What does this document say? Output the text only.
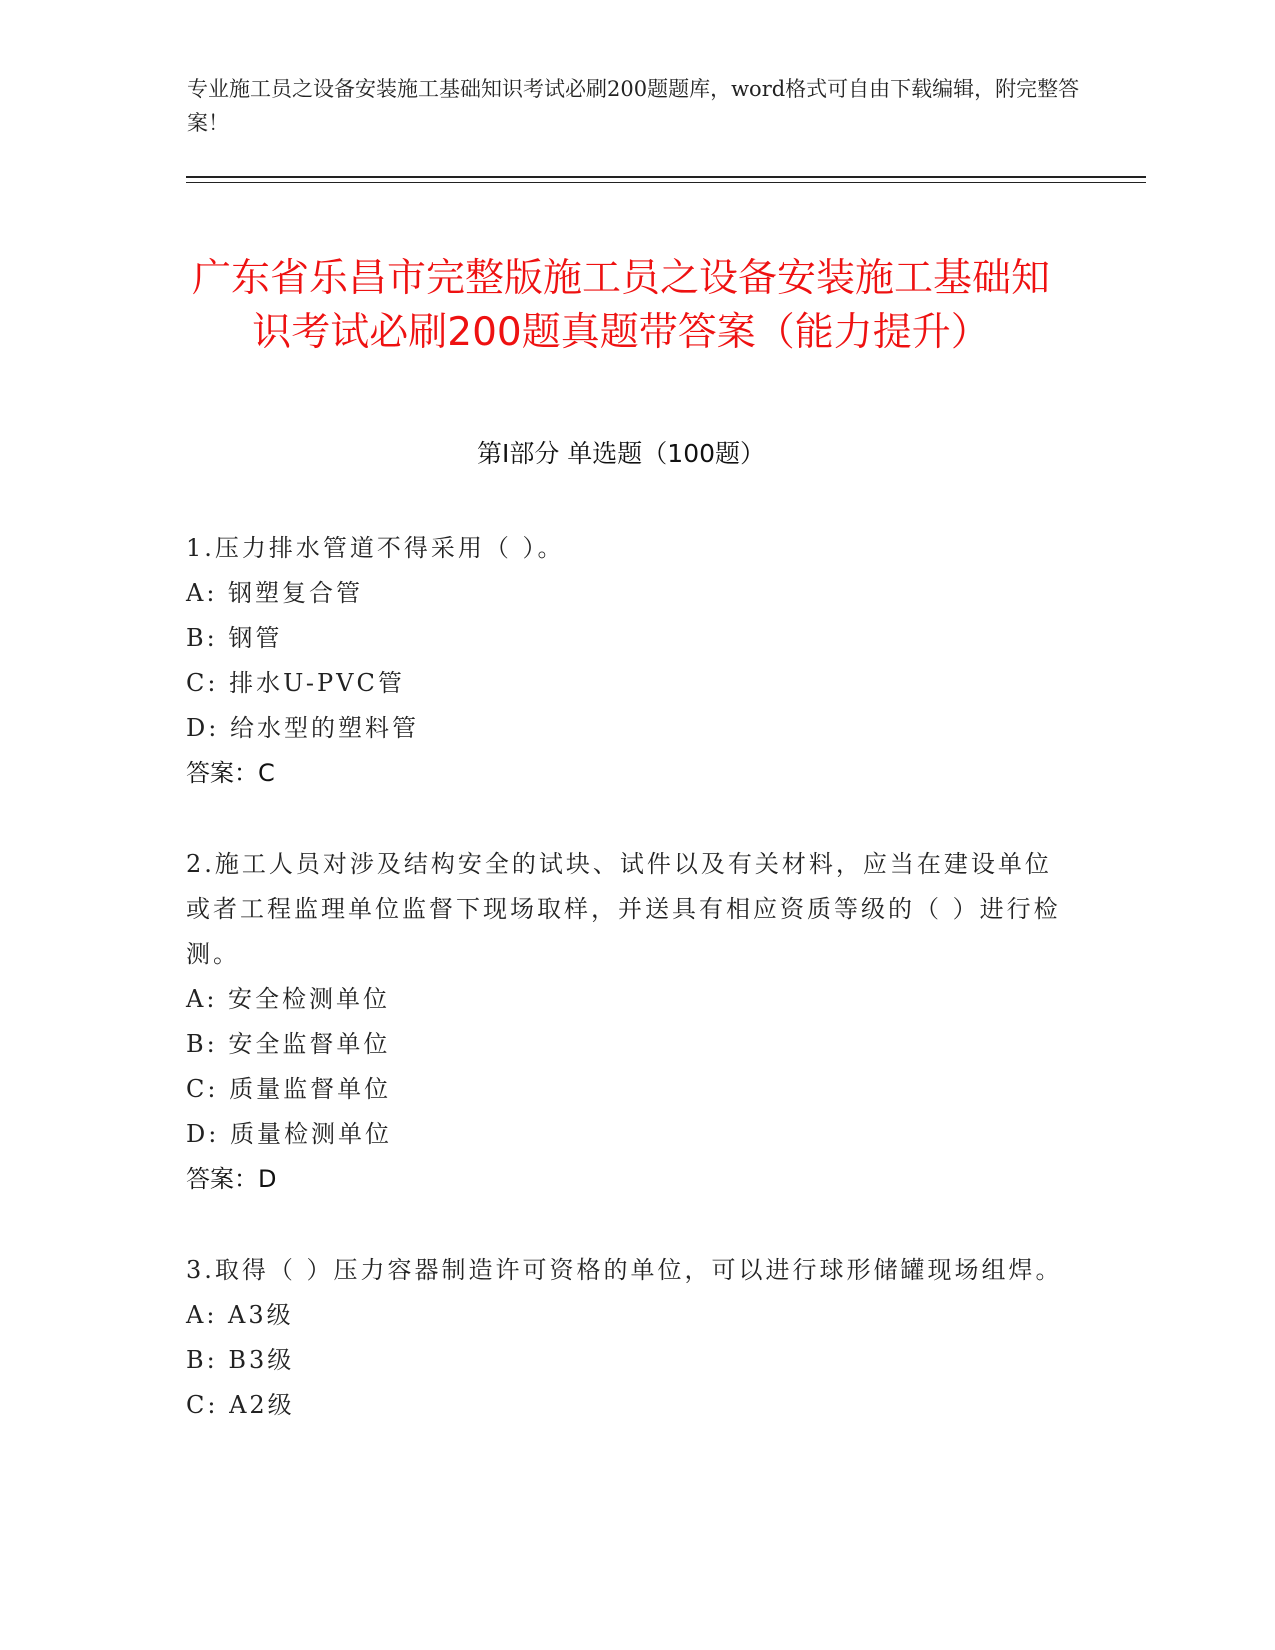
专业施工员之设备安装施工基础知识考试必刷200题题库，word格式可自由下载编辑，附完整答案！
广东省乐昌市完整版施工员之设备安装施工基础知识考试必刷200题真题带答案（能力提升）
第I部分 单选题（100题）
1.压力排水管道不得采用（ ）。
A: 钢塑复合管
B: 钢管
C: 排水U-PVC管
D: 给水型的塑料管
答案：C
2.施工人员对涉及结构安全的试块、试件以及有关材料，应当在建设单位或者工程监理单位监督下现场取样，并送具有相应资质等级的（ ）进行检测。
A: 安全检测单位
B: 安全监督单位
C: 质量监督单位
D: 质量检测单位
答案：D
3.取得（ ）压力容器制造许可资格的单位，可以进行球形储罐现场组焊。
A: A3级
B: B3级
C: A2级
